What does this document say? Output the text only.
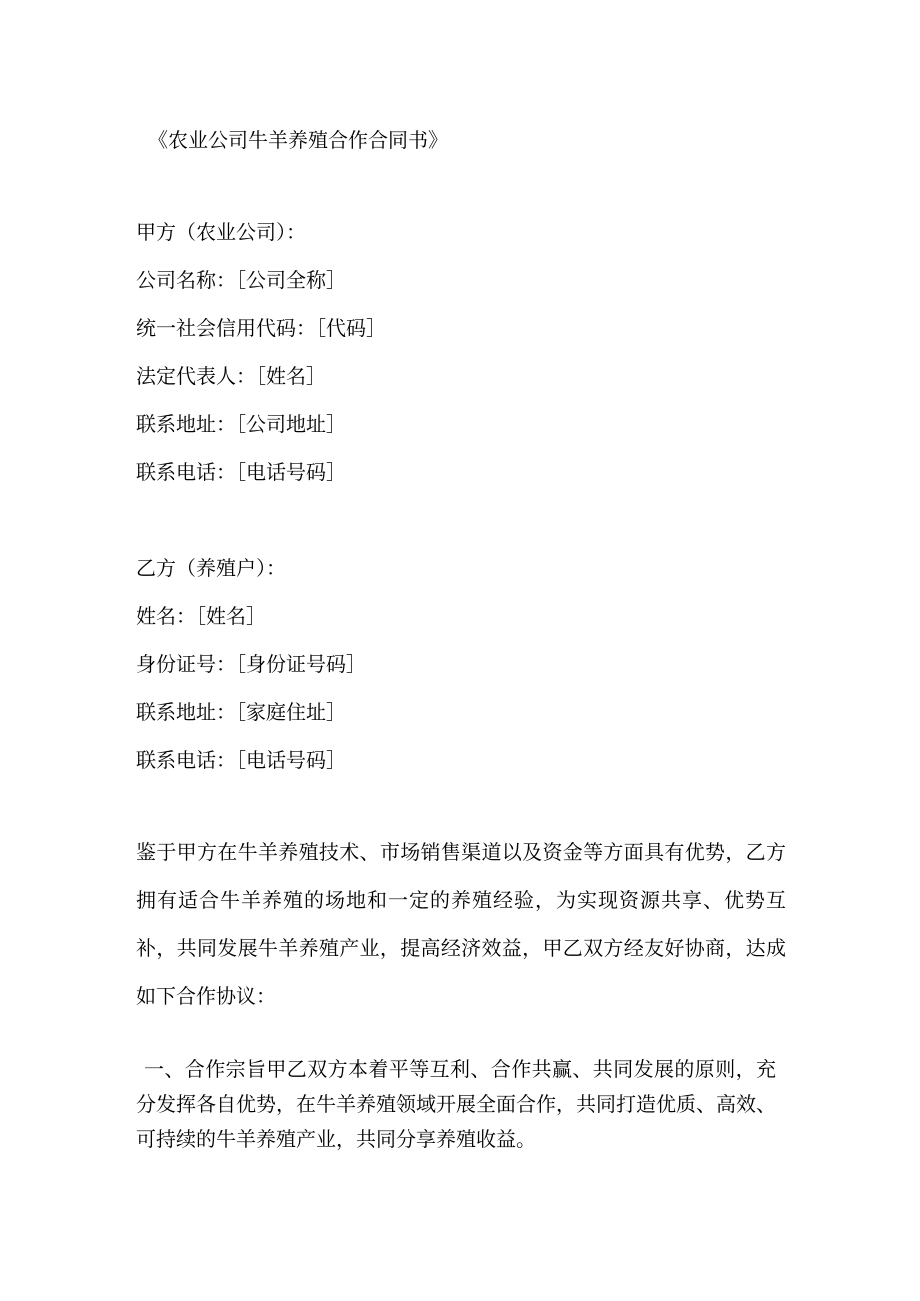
《农业公司牛羊养殖合作合同书》
甲方（农业公司）：
公司名称：［公司全称］
统一社会信用代码：［代码］
法定代表人：［姓名］
联系地址：［公司地址］
联系电话：［电话号码］
乙方（养殖户）：
姓名：［姓名］
身份证号：［身份证号码］
联系地址：［家庭住址］
联系电话：［电话号码］
鉴于甲方在牛羊养殖技术、市场销售渠道以及资金等方面具有优势，乙方拥有适合牛羊养殖的场地和一定的养殖经验，为实现资源共享、优势互补，共同发展牛羊养殖产业，提高经济效益，甲乙双方经友好协商，达成如下合作协议：
一、合作宗旨甲乙双方本着平等互利、合作共赢、共同发展的原则，充分发挥各自优势，在牛羊养殖领域开展全面合作，共同打造优质、高效、可持续的牛羊养殖产业，共同分享养殖收益。
